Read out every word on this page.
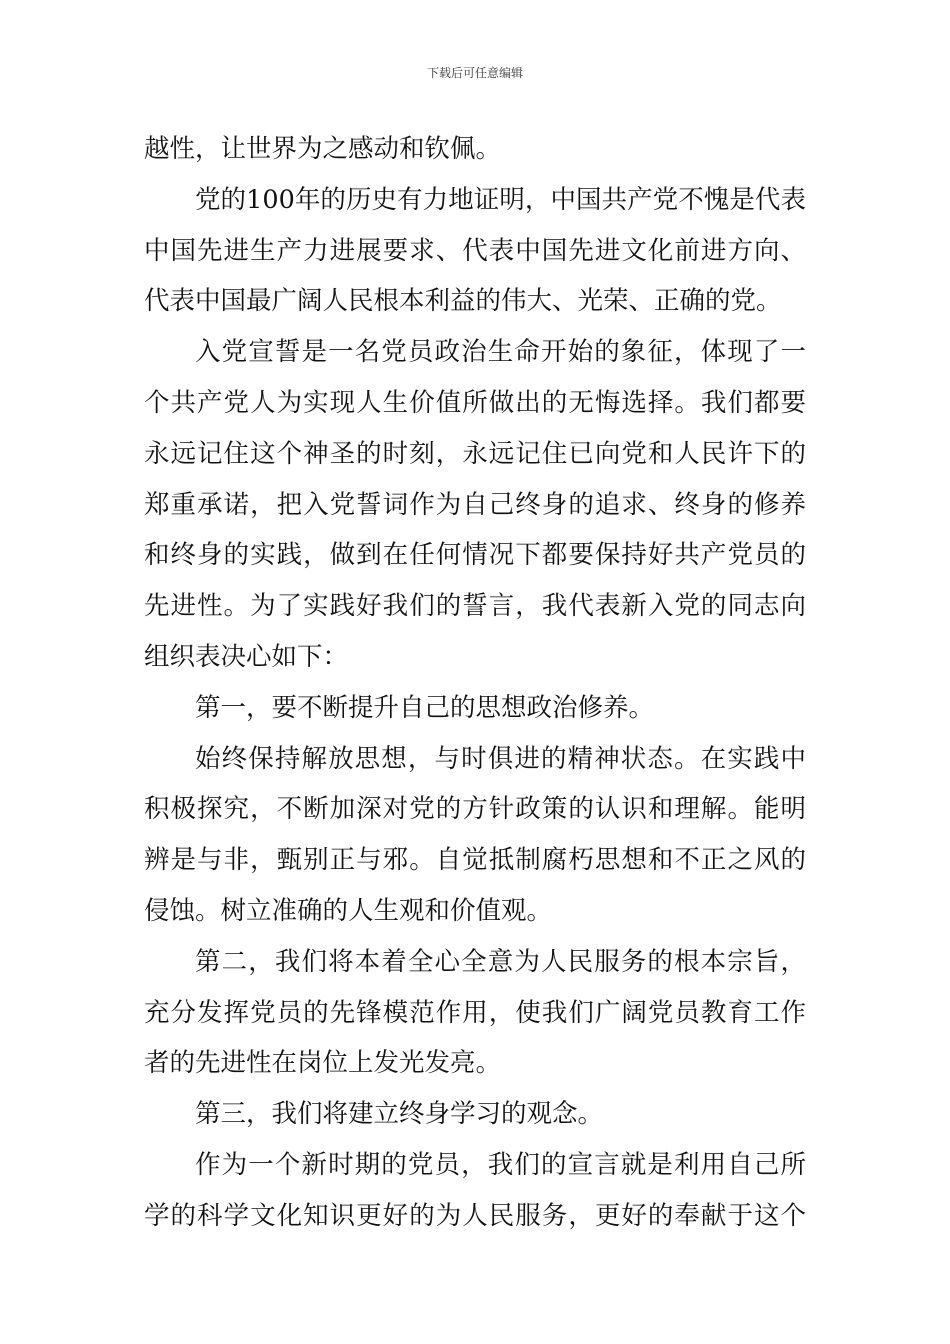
下载后可任意编辑
越性，让世界为之感动和钦佩。
党的100年的历史有力地证明，中国共产党不愧是代表
中国先进生产力进展要求、代表中国先进文化前进方向、
代表中国最广阔人民根本利益的伟大、光荣、正确的党。
入党宣誓是一名党员政治生命开始的象征，体现了一
个共产党人为实现人生价值所做出的无悔选择。我们都要
永远记住这个神圣的时刻，永远记住已向党和人民许下的
郑重承诺，把入党誓词作为自己终身的追求、终身的修养
和终身的实践，做到在任何情况下都要保持好共产党员的
先进性。为了实践好我们的誓言，我代表新入党的同志向
组织表决心如下：
第一，要不断提升自己的思想政治修养。
始终保持解放思想，与时俱进的精神状态。在实践中
积极探究，不断加深对党的方针政策的认识和理解。能明
辨是与非，甄别正与邪。自觉抵制腐朽思想和不正之风的
侵蚀。树立准确的人生观和价值观。
第二，我们将本着全心全意为人民服务的根本宗旨，
充分发挥党员的先锋模范作用，使我们广阔党员教育工作
者的先进性在岗位上发光发亮。
第三，我们将建立终身学习的观念。
作为一个新时期的党员，我们的宣言就是利用自己所
学的科学文化知识更好的为人民服务，更好的奉献于这个
